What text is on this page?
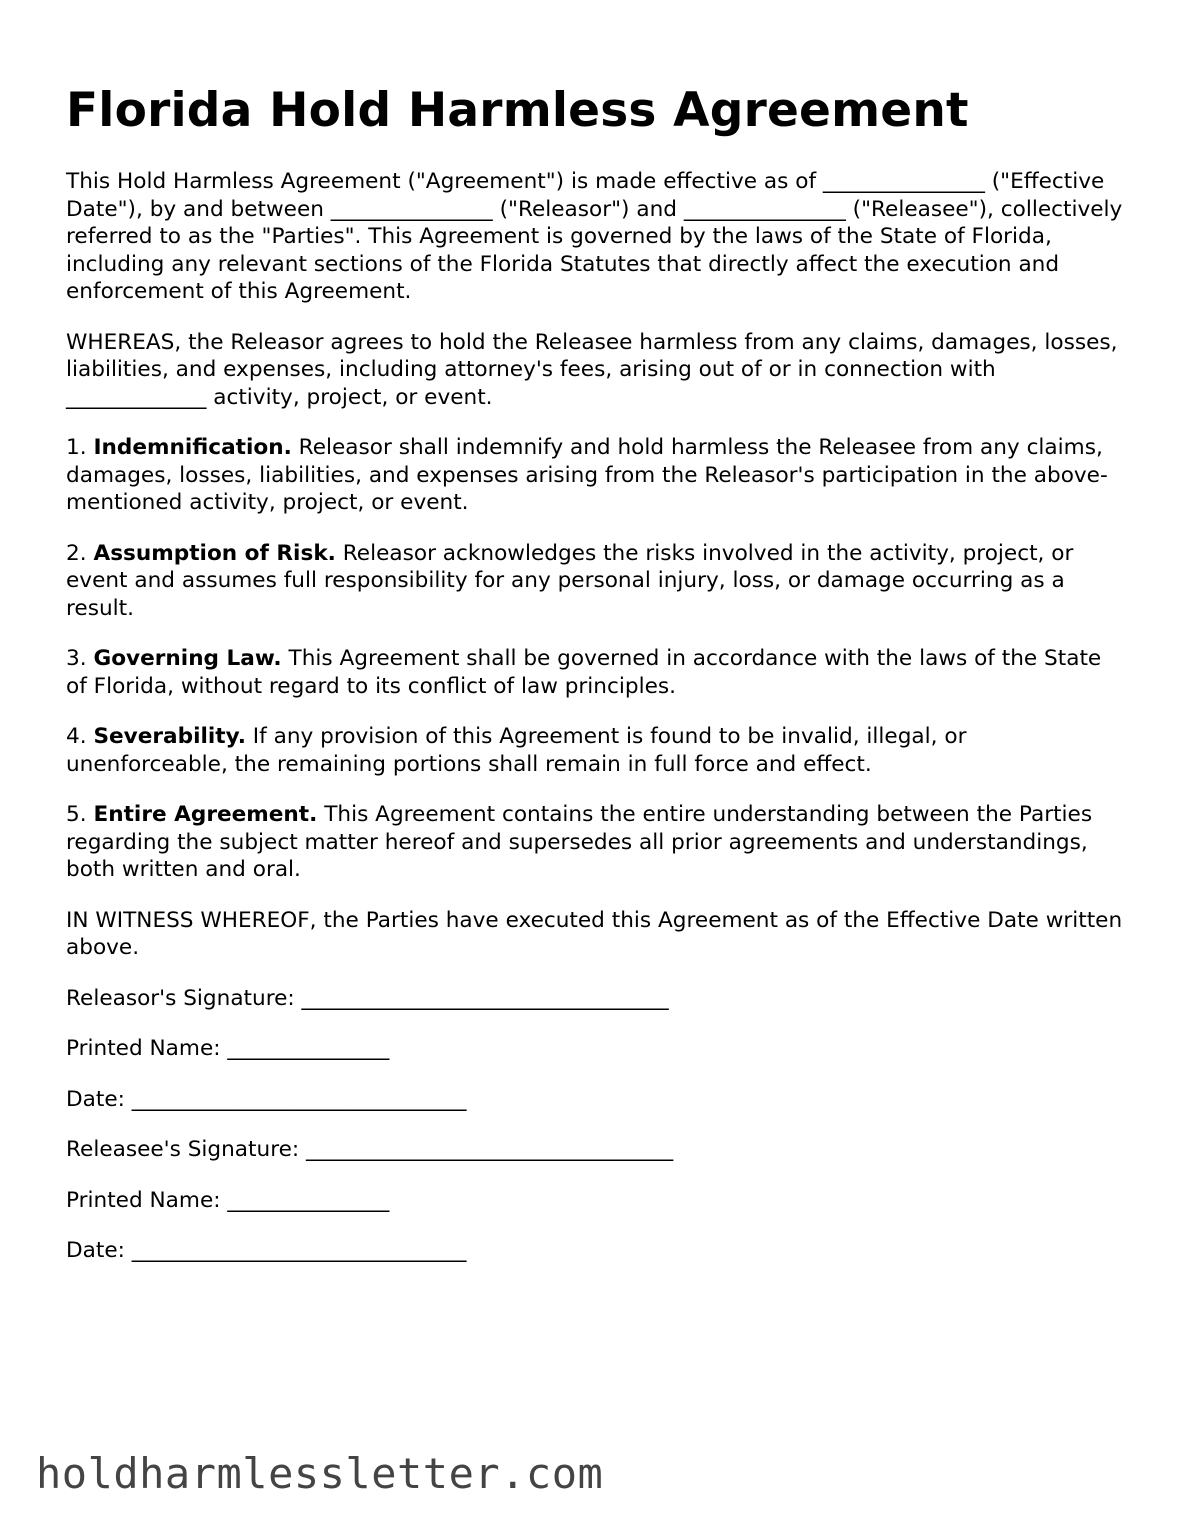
Florida Hold Harmless Agreement

This Hold Harmless Agreement ("Agreement") is made effective as of _______________ ("Effective Date"), by and between _______________ ("Releasor") and _______________ ("Releasee"), collectively referred to as the "Parties". This Agreement is governed by the laws of the State of Florida, including any relevant sections of the Florida Statutes that directly affect the execution and enforcement of this Agreement.

WHEREAS, the Releasor agrees to hold the Releasee harmless from any claims, damages, losses, liabilities, and expenses, including attorney's fees, arising out of or in connection with _____________ activity, project, or event.

1. Indemnification. Releasor shall indemnify and hold harmless the Releasee from any claims, damages, losses, liabilities, and expenses arising from the Releasor's participation in the above-mentioned activity, project, or event.

2. Assumption of Risk. Releasor acknowledges the risks involved in the activity, project, or event and assumes full responsibility for any personal injury, loss, or damage occurring as a result.

3. Governing Law. This Agreement shall be governed in accordance with the laws of the State of Florida, without regard to its conflict of law principles.

4. Severability. If any provision of this Agreement is found to be invalid, illegal, or unenforceable, the remaining portions shall remain in full force and effect.

5. Entire Agreement. This Agreement contains the entire understanding between the Parties regarding the subject matter hereof and supersedes all prior agreements and understandings, both written and oral.

IN WITNESS WHEREOF, the Parties have executed this Agreement as of the Effective Date written above.

Releasor's Signature: __________________________________
Printed Name: _______________
Date: _______________________________
Releasee's Signature: __________________________________
Printed Name: _______________
Date: _______________________________
holdharmlessletter.com
